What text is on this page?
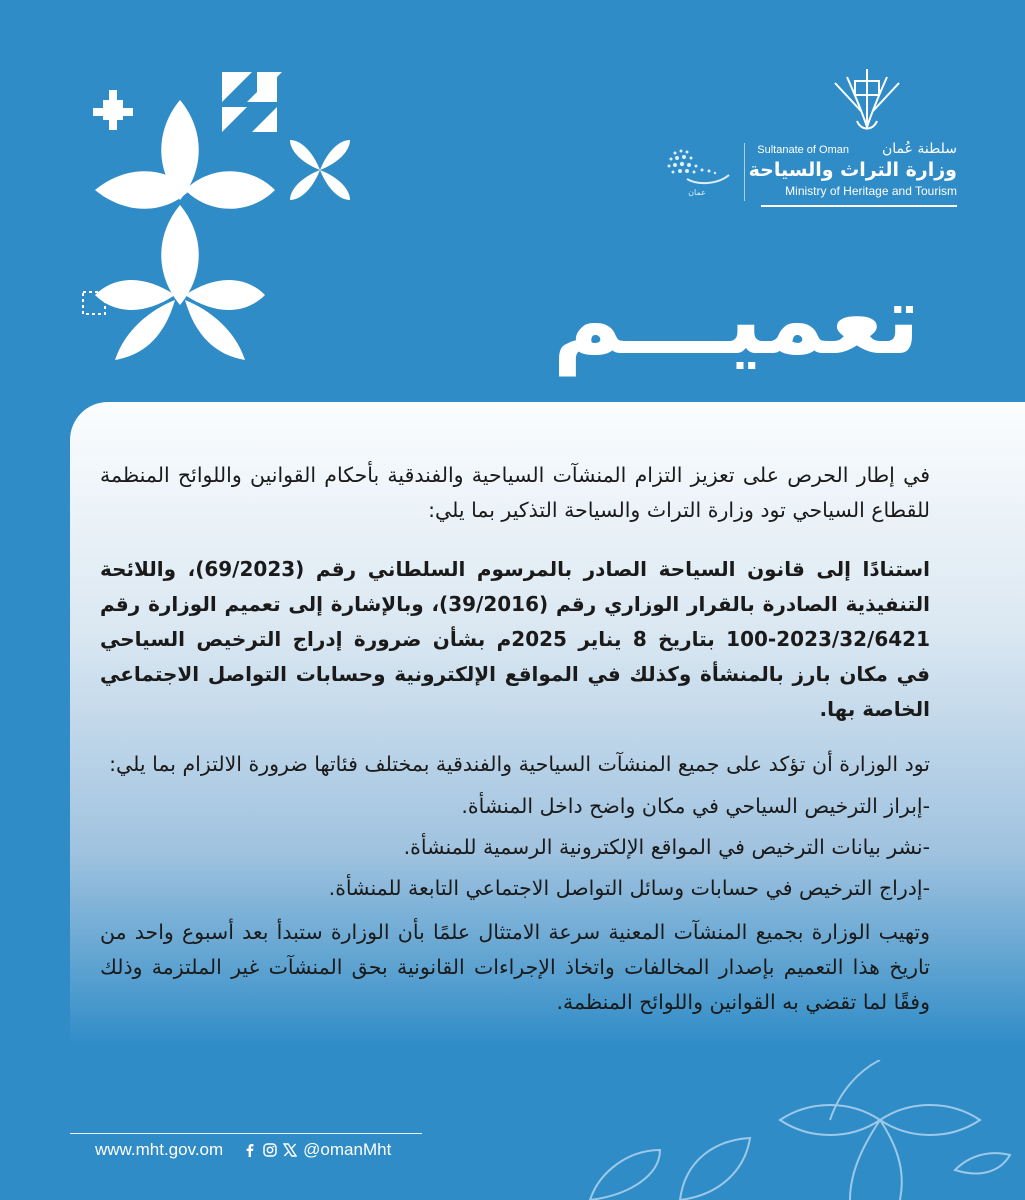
Sultanate of Oman سلطنة عُمان
وزارة التراث والسياحة
Ministry of Heritage and Tourism
عمان
تعميـــم

في إطار الحرص على تعزيز التزام المنشآت السياحية والفندقية بأحكام القوانين واللوائح المنظمة للقطاع السياحي تود وزارة التراث والسياحة التذكير بما يلي:

استنادًا إلى قانون السياحة الصادر بالمرسوم السلطاني رقم (69/2023)، واللائحة التنفيذية الصادرة بالقرار الوزاري رقم (39/2016)، وبالإشارة إلى تعميم الوزارة رقم 2023/32/6421-100 بتاريخ 8 يناير 2025م بشأن ضرورة إدراج الترخيص السياحي في مكان بارز بالمنشأة وكذلك في المواقع الإلكترونية وحسابات التواصل الاجتماعي الخاصة بها.

تود الوزارة أن تؤكد على جميع المنشآت السياحية والفندقية بمختلف فئاتها ضرورة الالتزام بما يلي:

-إبراز الترخيص السياحي في مكان واضح داخل المنشأة.

-نشر بيانات الترخيص في المواقع الإلكترونية الرسمية للمنشأة.

-إدراج الترخيص في حسابات وسائل التواصل الاجتماعي التابعة للمنشأة.

وتهيب الوزارة بجميع المنشآت المعنية سرعة الامتثال علمًا بأن الوزارة ستبدأ بعد أسبوع واحد من تاريخ هذا التعميم بإصدار المخالفات واتخاذ الإجراءات القانونية بحق المنشآت غير الملتزمة وذلك وفقًا لما تقضي به القوانين واللوائح المنظمة.

www.mht.gov.om	@omanMht
